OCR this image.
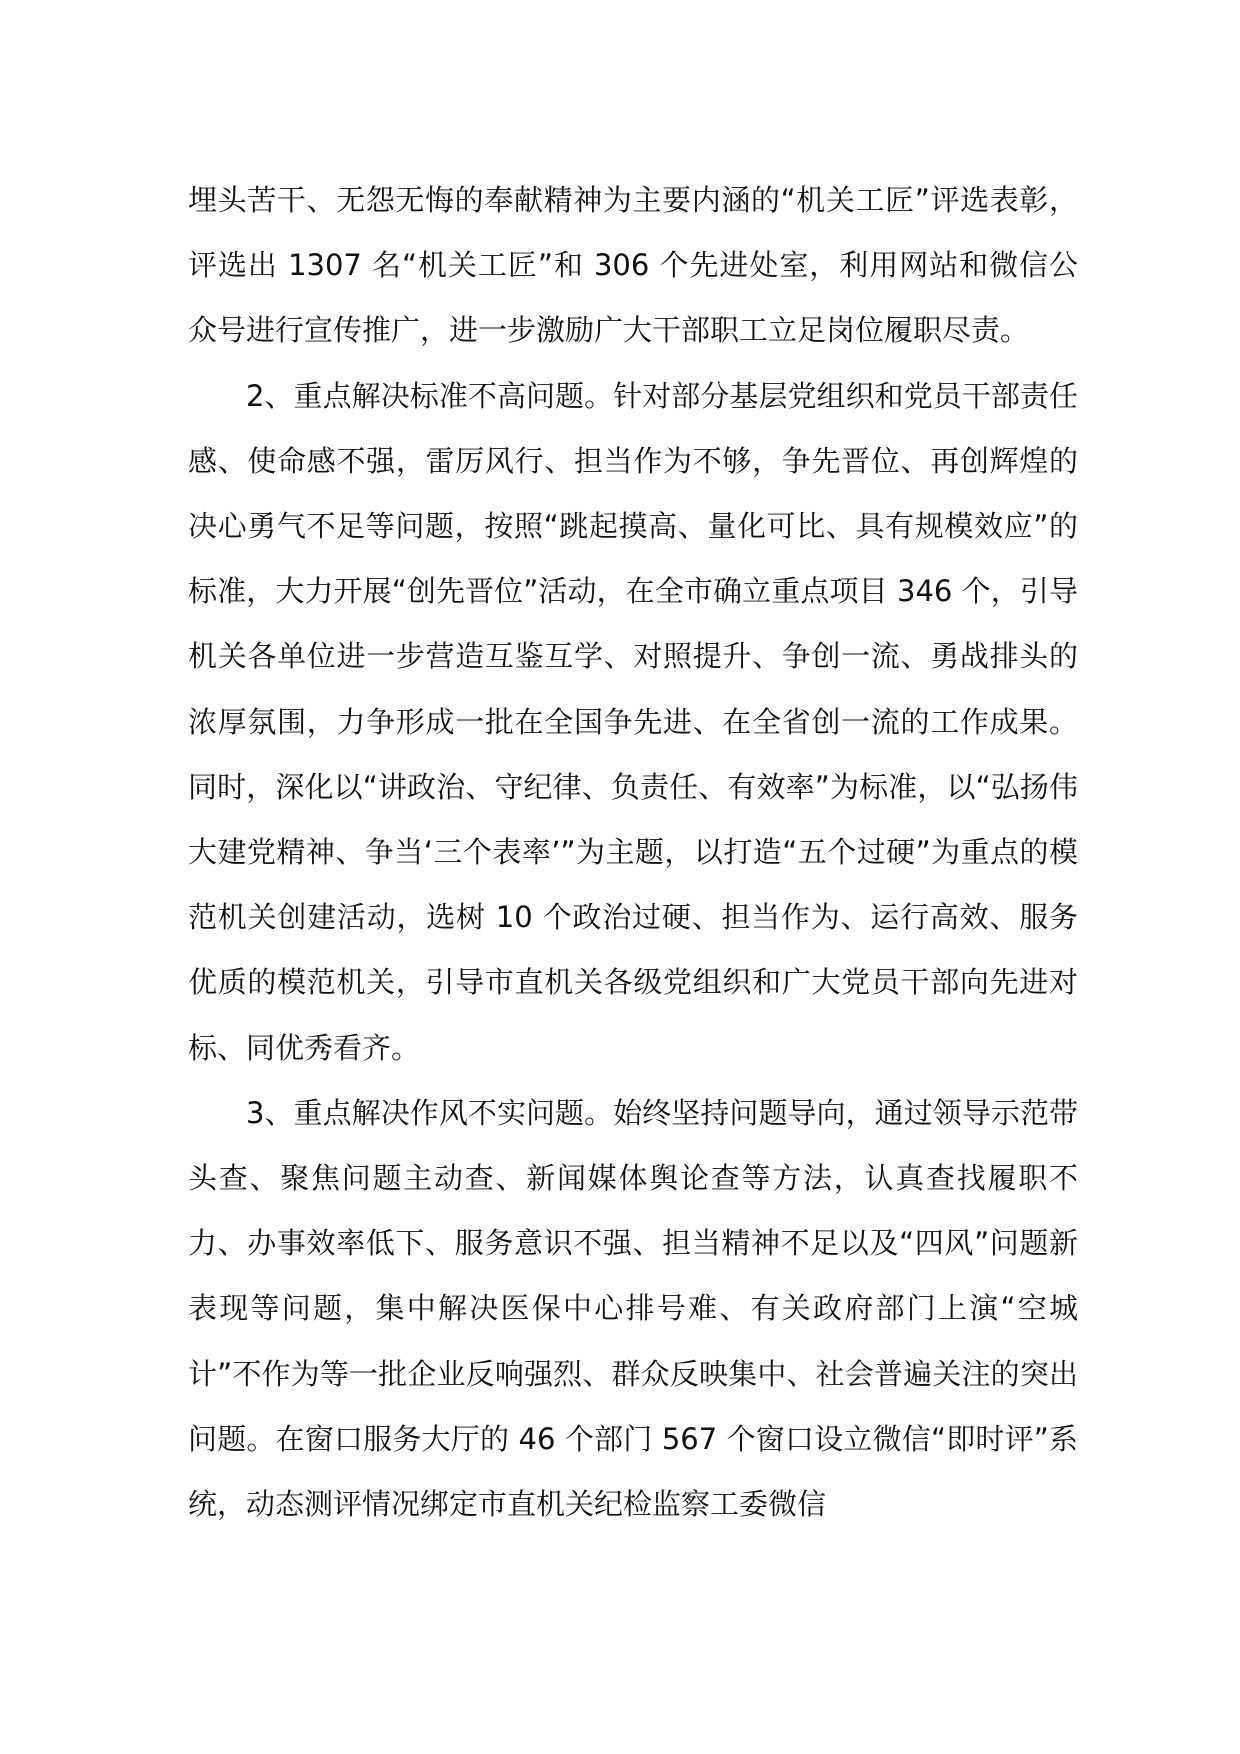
埋头苦干、无怨无悔的奉献精神为主要内涵的“机关工匠”评选表彰，评选出 1307 名“机关工匠”和 306 个先进处室，利用网站和微信公众号进行宣传推广，进一步激励广大干部职工立足岗位履职尽责。

2、重点解决标准不高问题。针对部分基层党组织和党员干部责任感、使命感不强，雷厉风行、担当作为不够，争先晋位、再创辉煌的决心勇气不足等问题，按照“跳起摸高、量化可比、具有规模效应”的标准，大力开展“创先晋位”活动，在全市确立重点项目 346 个，引导机关各单位进一步营造互鉴互学、对照提升、争创一流、勇战排头的浓厚氛围，力争形成一批在全国争先进、在全省创一流的工作成果。同时，深化以“讲政治、守纪律、负责任、有效率”为标准，以“弘扬伟大建党精神、争当‘三个表率’”为主题，以打造“五个过硬”为重点的模范机关创建活动，选树 10 个政治过硬、担当作为、运行高效、服务优质的模范机关，引导市直机关各级党组织和广大党员干部向先进对标、同优秀看齐。

3、重点解决作风不实问题。始终坚持问题导向，通过领导示范带头查、聚焦问题主动查、新闻媒体舆论查等方法，认真查找履职不力、办事效率低下、服务意识不强、担当精神不足以及“四风”问题新表现等问题，集中解决医保中心排号难、有关政府部门上演“空城计”不作为等一批企业反响强烈、群众反映集中、社会普遍关注的突出问题。在窗口服务大厅的 46 个部门 567 个窗口设立微信“即时评”系统，动态测评情况绑定市直机关纪检监察工委微信
